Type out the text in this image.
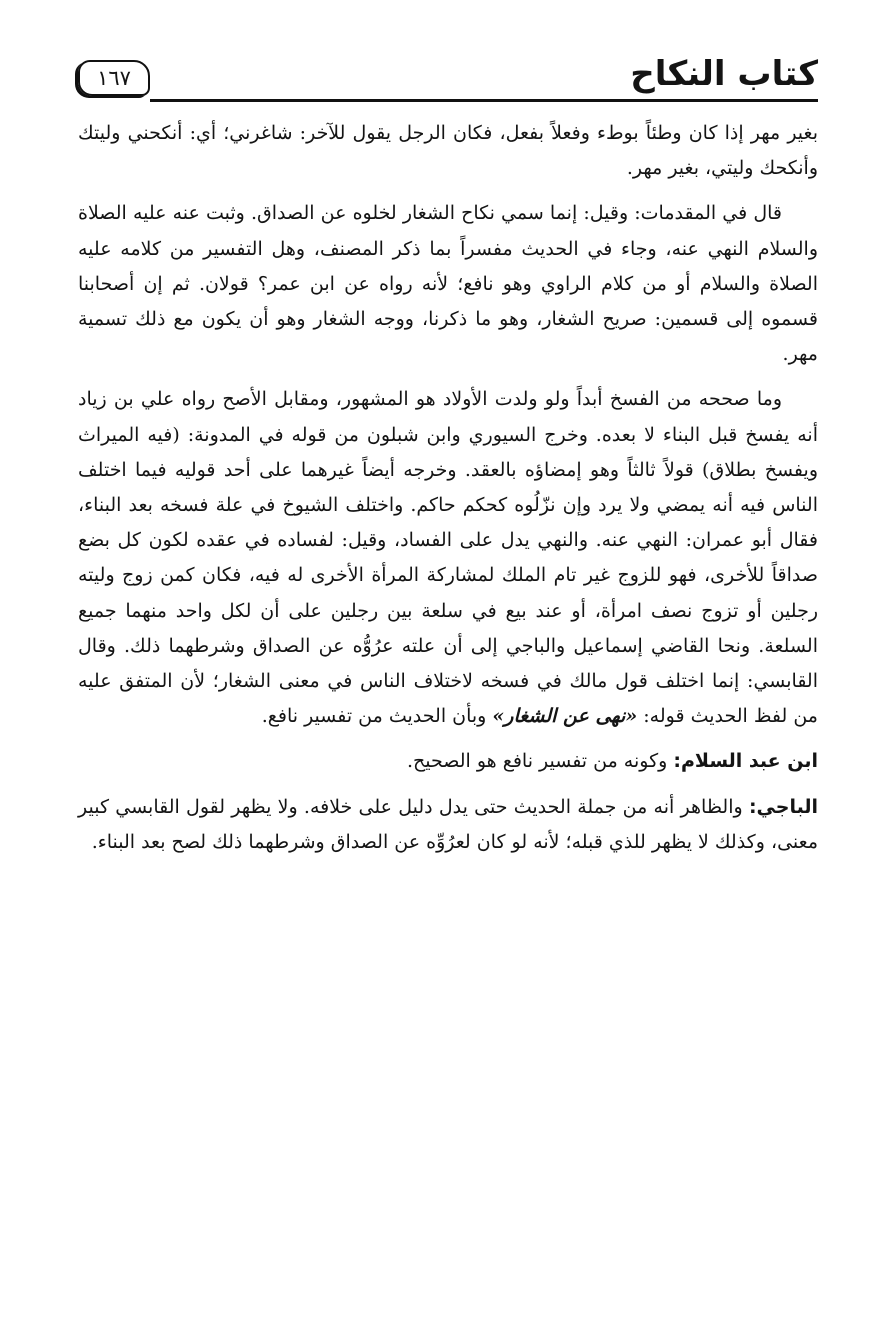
١٦٧	كتاب النكاح

بغير مهر إذا كان وطئاً بوطء وفعلاً بفعل، فكان الرجل يقول للآخر: شاغرني؛ أي: أنكحني وليتك وأنكحك وليتي، بغير مهر.

قال في المقدمات: وقيل: إنما سمي نكاح الشغار لخلوه عن الصداق. وثبت عنه عليه الصلاة والسلام النهي عنه، وجاء في الحديث مفسراً بما ذكر المصنف، وهل التفسير من كلامه عليه الصلاة والسلام أو من كلام الراوي وهو نافع؛ لأنه رواه عن ابن عمر؟ قولان. ثم إن أصحابنا قسموه إلى قسمين: صريح الشغار، وهو ما ذكرنا، ووجه الشغار وهو أن يكون مع ذلك تسمية مهر.

وما صححه من الفسخ أبداً ولو ولدت الأولاد هو المشهور، ومقابل الأصح رواه علي بن زياد أنه يفسخ قبل البناء لا بعده. وخرج السيوري وابن شبلون من قوله في المدونة: (فيه الميراث ويفسخ بطلاق) قولاً ثالثاً وهو إمضاؤه بالعقد. وخرجه أيضاً غيرهما على أحد قوليه فيما اختلف الناس فيه أنه يمضي ولا يرد وإن نزّلُوه كحكم حاكم. واختلف الشيوخ في علة فسخه بعد البناء، فقال أبو عمران: النهي عنه. والنهي يدل على الفساد، وقيل: لفساده في عقده لكون كل بضع صداقاً للأخرى، فهو للزوج غير تام الملك لمشاركة المرأة الأخرى له فيه، فكان كمن زوج وليته رجلين أو تزوج نصف امرأة، أو عند بيع في سلعة بين رجلين على أن لكل واحد منهما جميع السلعة. ونحا القاضي إسماعيل والباجي إلى أن علته عرُوُّه عن الصداق وشرطهما ذلك. وقال القابسي: إنما اختلف قول مالك في فسخه لاختلاف الناس في معنى الشغار؛ لأن المتفق عليه من لفظ الحديث قوله: «نهى عن الشغار» وبأن الحديث من تفسير نافع.

ابن عبد السلام: وكونه من تفسير نافع هو الصحيح.

الباجي: والظاهر أنه من جملة الحديث حتى يدل دليل على خلافه. ولا يظهر لقول القابسي كبير معنى، وكذلك لا يظهر للذي قبله؛ لأنه لو كان لعرُوِّه عن الصداق وشرطهما ذلك لصح بعد البناء.
